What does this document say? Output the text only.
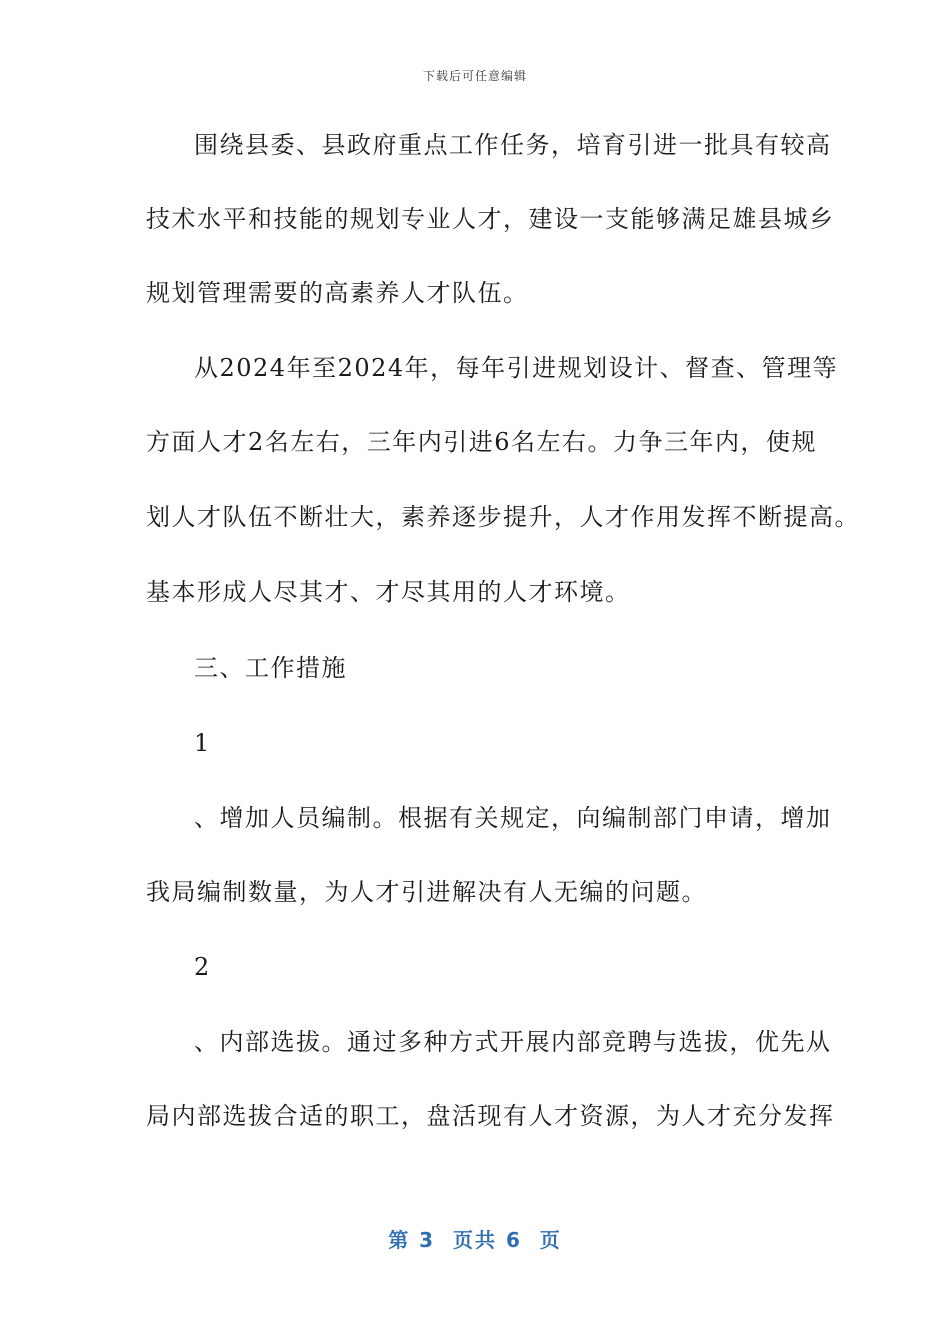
下载后可任意编辑
围绕县委、县政府重点工作任务，培育引进一批具有较高
技术水平和技能的规划专业人才，建设一支能够满足雄县城乡
规划管理需要的高素养人才队伍。
从2024年至2024年，每年引进规划设计、督查、管理等
方面人才2名左右，三年内引进6名左右。力争三年内，使规
划人才队伍不断壮大，素养逐步提升，人才作用发挥不断提高。
基本形成人尽其才、才尽其用的人才环境。
三、工作措施
1
、增加人员编制。根据有关规定，向编制部门申请，增加
我局编制数量，为人才引进解决有人无编的问题。
2
、内部选拔。通过多种方式开展内部竞聘与选拔，优先从
局内部选拔合适的职工，盘活现有人才资源，为人才充分发挥
第 3  页共 6  页
